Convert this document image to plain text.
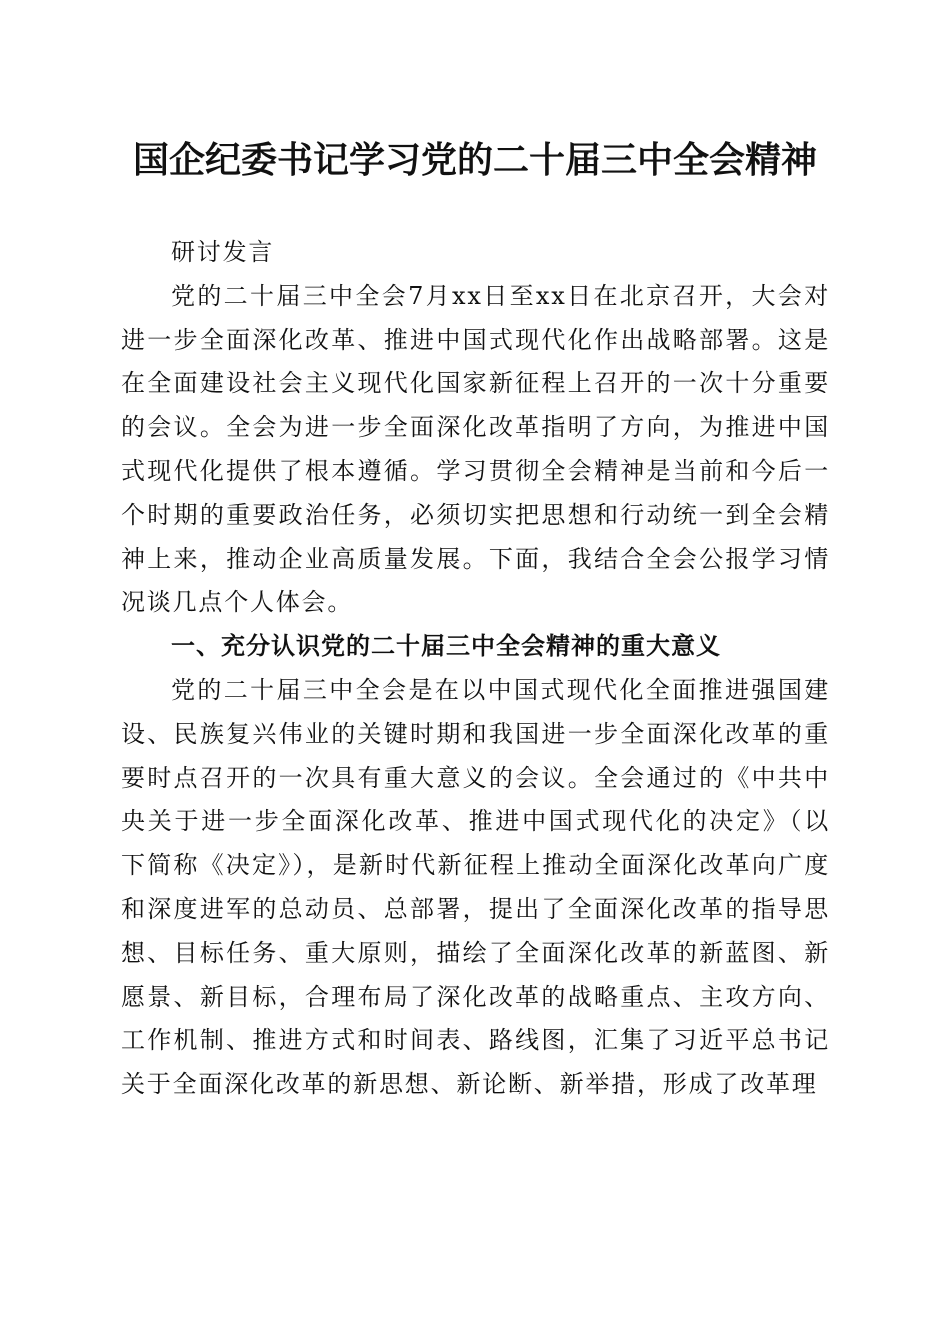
国企纪委书记学习党的二十届三中全会精神

研讨发言

党的二十届三中全会7月xx日至xx日在北京召开，大会对进一步全面深化改革、推进中国式现代化作出战略部署。这是在全面建设社会主义现代化国家新征程上召开的一次十分重要的会议。全会为进一步全面深化改革指明了方向，为推进中国式现代化提供了根本遵循。学习贯彻全会精神是当前和今后一个时期的重要政治任务，必须切实把思想和行动统一到全会精神上来，推动企业高质量发展。下面，我结合全会公报学习情况谈几点个人体会。

一、充分认识党的二十届三中全会精神的重大意义

党的二十届三中全会是在以中国式现代化全面推进强国建设、民族复兴伟业的关键时期和我国进一步全面深化改革的重要时点召开的一次具有重大意义的会议。全会通过的《中共中央关于进一步全面深化改革、推进中国式现代化的决定》（以下简称《决定》），是新时代新征程上推动全面深化改革向广度和深度进军的总动员、总部署，提出了全面深化改革的指导思想、目标任务、重大原则，描绘了全面深化改革的新蓝图、新愿景、新目标，合理布局了深化改革的战略重点、主攻方向、工作机制、推进方式和时间表、路线图，汇集了习近平总书记关于全面深化改革的新思想、新论断、新举措，形成了改革理
